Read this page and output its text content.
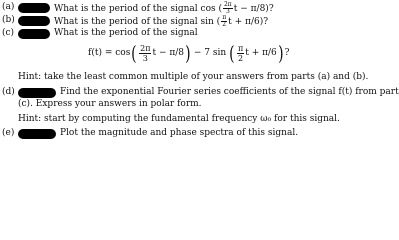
(a)	What is the period of the signal cos ( $\frac{2\pi}{3}$ t − π/8)?
(b)	What is the period of the signal sin ( $\frac{\pi}{2}$ t + π/6)?
(c)	What is the period of the signal
f(t) = cos ( $\frac{2\pi}{3}$ t − π/8 ) − 7 sin ( $\frac{\pi}{2}$ t + π/6 ) ?
Hint: take the least common multiple of your answers from parts (a) and (b).
(d)	Find the exponential Fourier series coefficients of the signal f(t) from part
(c). Express your answers in polar form.
Hint: start by computing the fundamental frequency ω₀ for this signal.
(e)	Plot the magnitude and phase spectra of this signal.
